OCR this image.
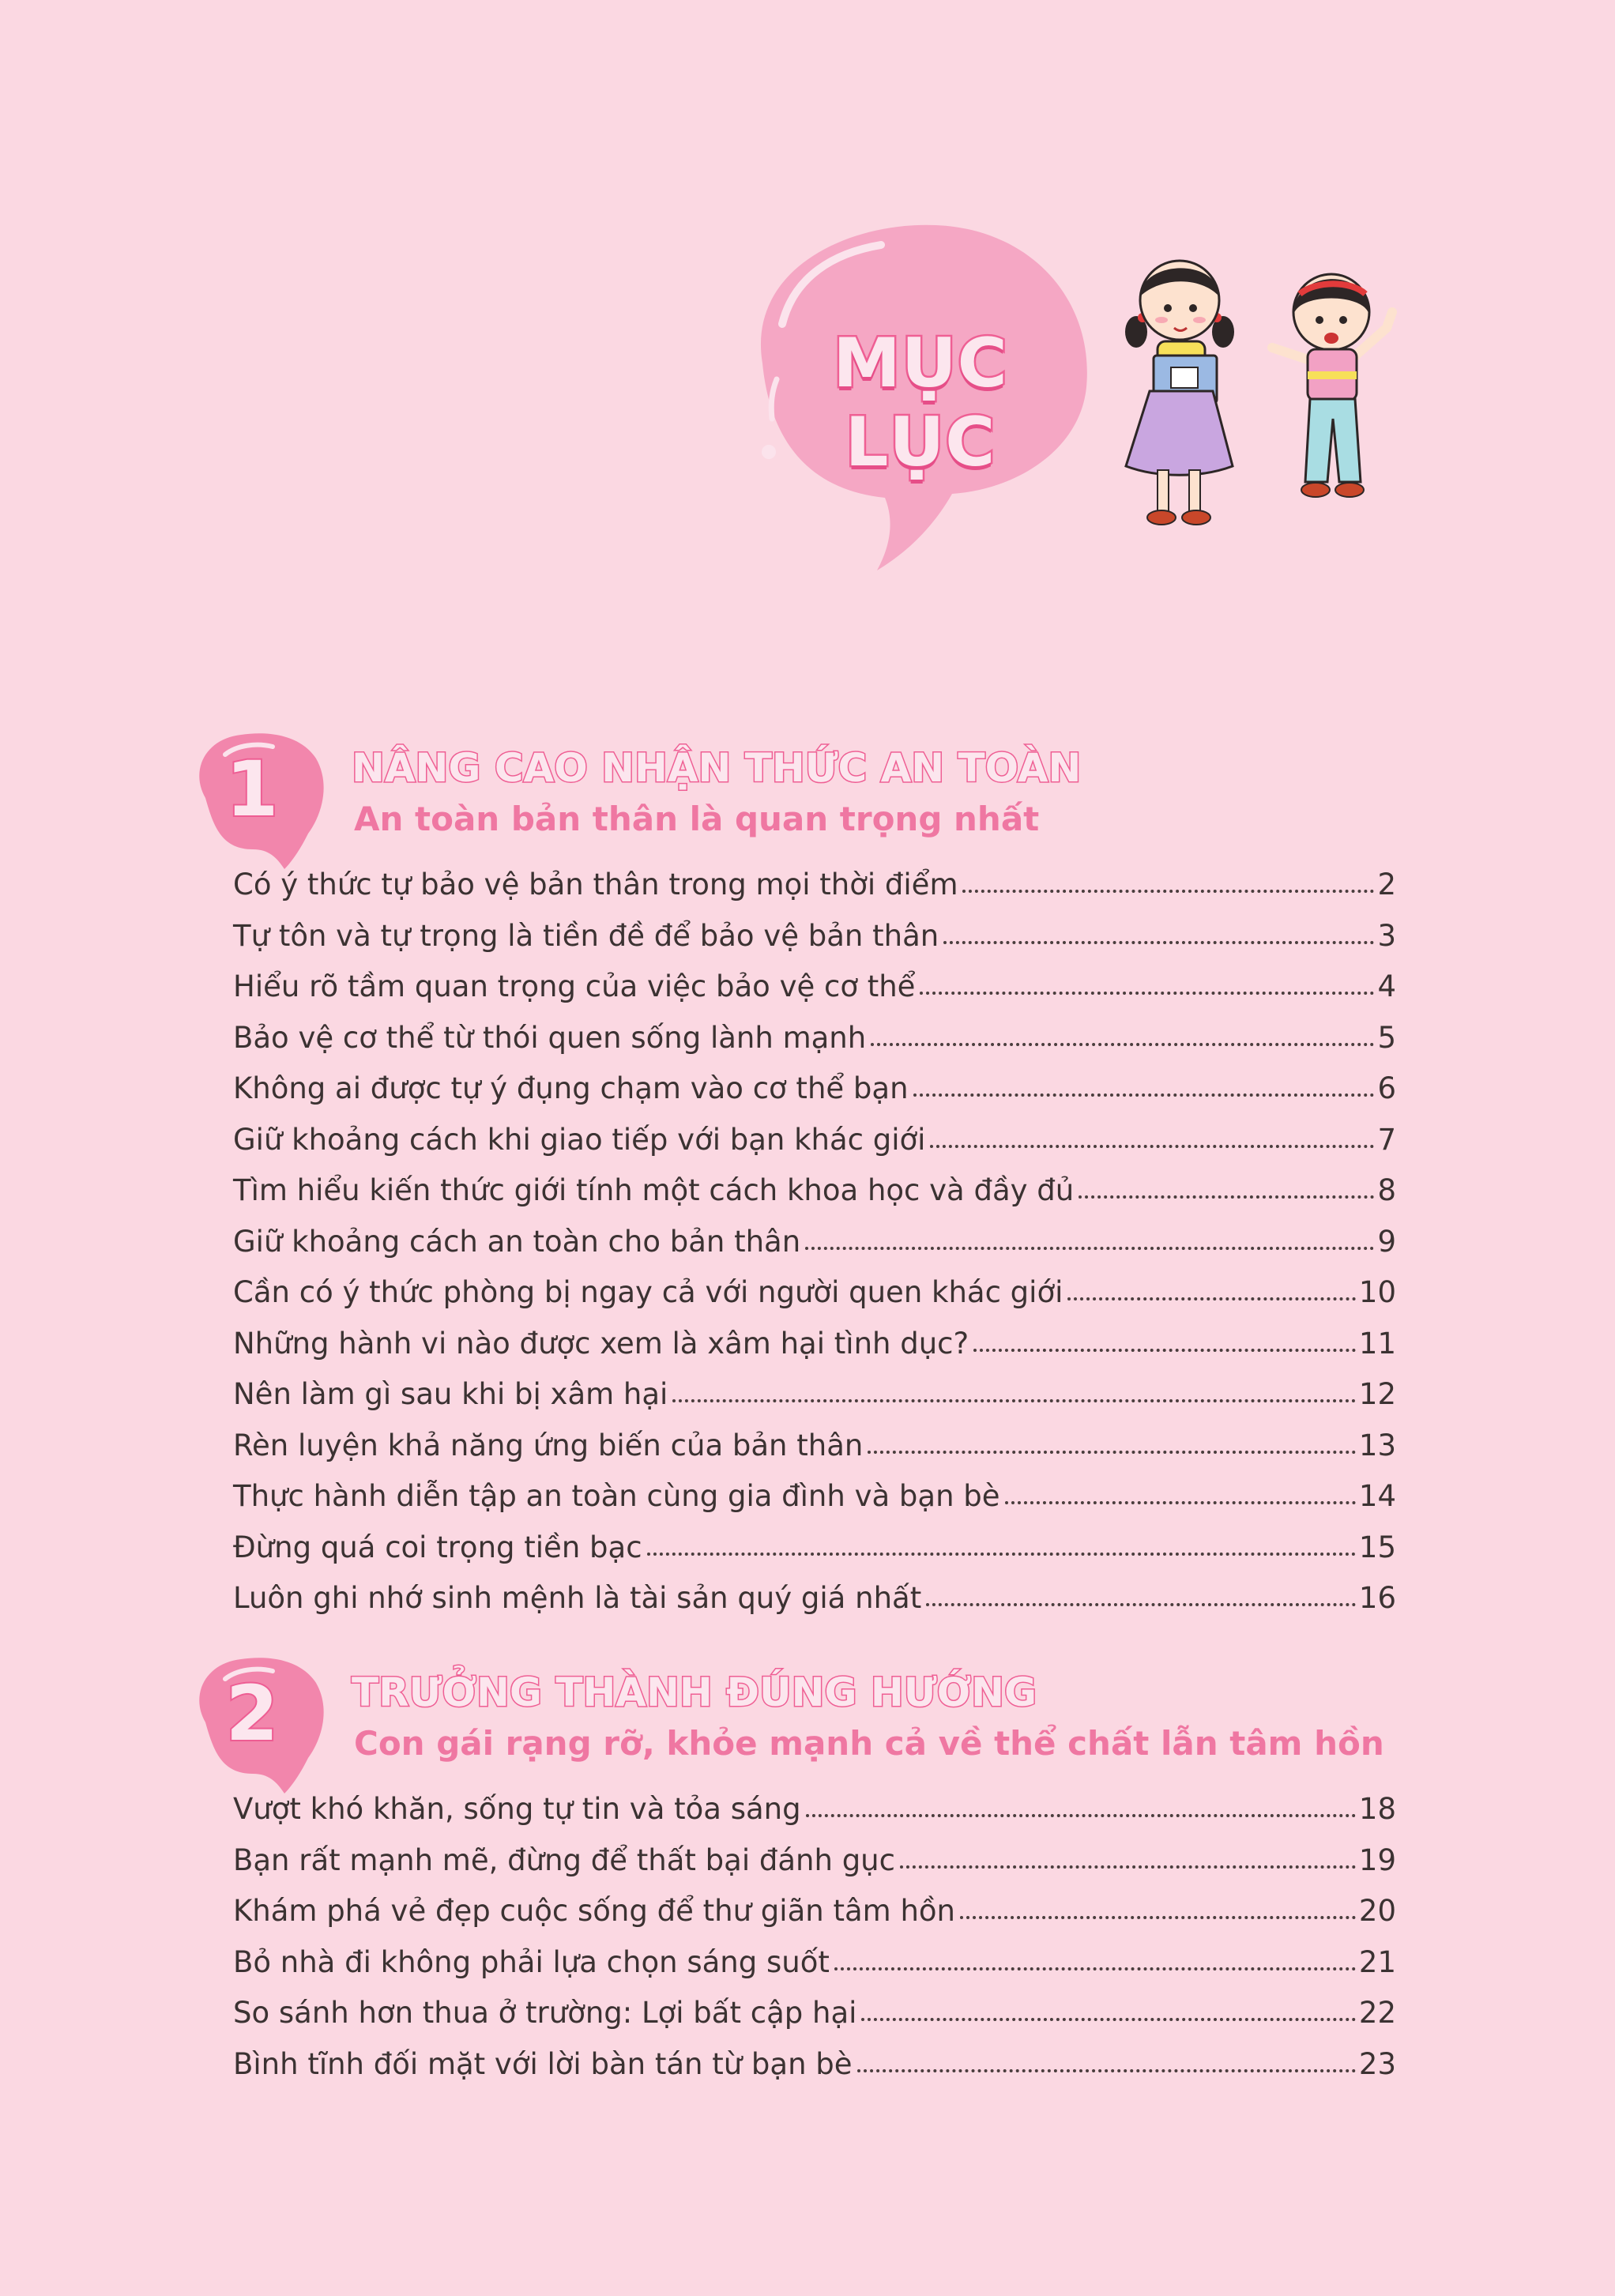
MỤC LỤC
1	NÂNG CAO NHẬN THỨC AN TOÀN
An toàn bản thân là quan trọng nhất
Có ý thức tự bảo vệ bản thân trong mọi thời điểm	2
Tự tôn và tự trọng là tiền đề để bảo vệ bản thân	3
Hiểu rõ tầm quan trọng của việc bảo vệ cơ thể	4
Bảo vệ cơ thể từ thói quen sống lành mạnh	5
Không ai được tự ý đụng chạm vào cơ thể bạn	6
Giữ khoảng cách khi giao tiếp với bạn khác giới	7
Tìm hiểu kiến thức giới tính một cách khoa học và đầy đủ	8
Giữ khoảng cách an toàn cho bản thân	9
Cần có ý thức phòng bị ngay cả với người quen khác giới	10
Những hành vi nào được xem là xâm hại tình dục?	11
Nên làm gì sau khi bị xâm hại	12
Rèn luyện khả năng ứng biến của bản thân	13
Thực hành diễn tập an toàn cùng gia đình và bạn bè	14
Đừng quá coi trọng tiền bạc	15
Luôn ghi nhớ sinh mệnh là tài sản quý giá nhất	16
2	TRƯỞNG THÀNH ĐÚNG HƯỚNG
Con gái rạng rỡ, khỏe mạnh cả về thể chất lẫn tâm hồn
Vượt khó khăn, sống tự tin và tỏa sáng	18
Bạn rất mạnh mẽ, đừng để thất bại đánh gục	19
Khám phá vẻ đẹp cuộc sống để thư giãn tâm hồn	20
Bỏ nhà đi không phải lựa chọn sáng suốt	21
So sánh hơn thua ở trường: Lợi bất cập hại	22
Bình tĩnh đối mặt với lời bàn tán từ bạn bè	23
